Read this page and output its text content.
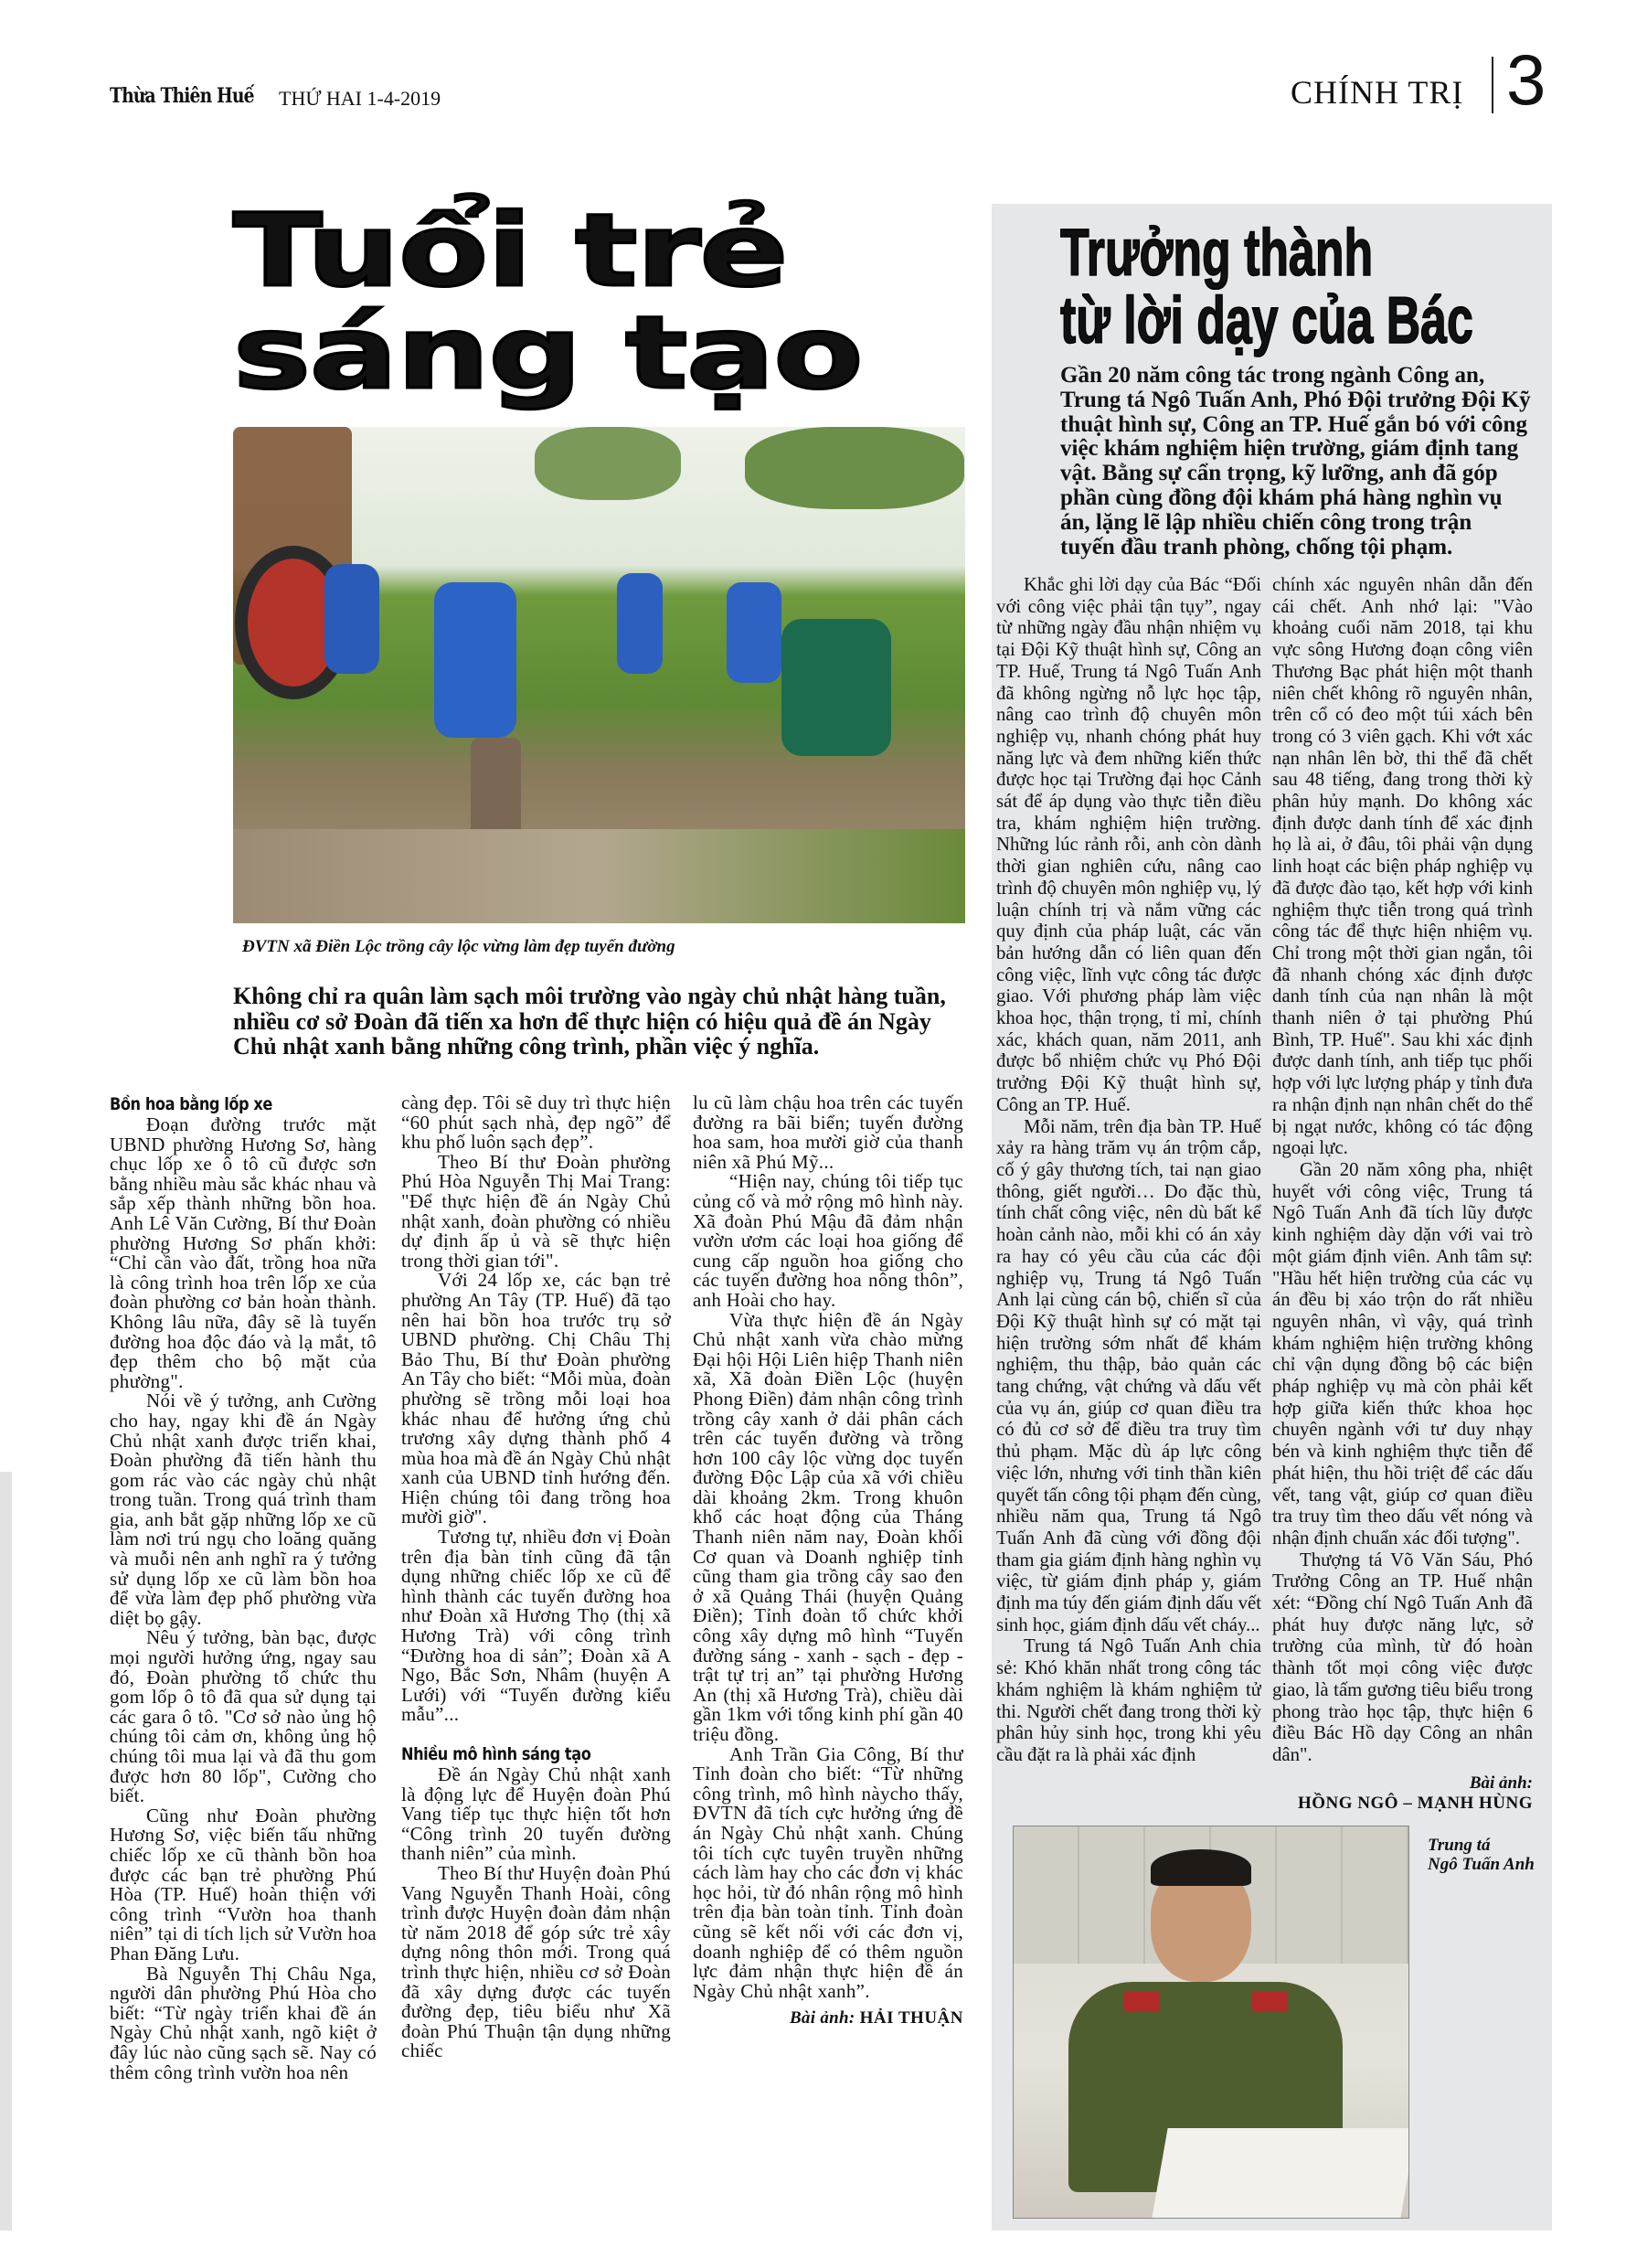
Thừa Thiên Huế THỨ HAI 1-4-2019	CHÍNH TRỊ 3
Tuổi trẻ
sáng tạo
ĐVTN xã Điền Lộc trồng cây lộc vừng làm đẹp tuyến đường
Không chỉ ra quân làm sạch môi trường vào ngày chủ nhật hàng tuần, nhiều cơ sở Đoàn đã tiến xa hơn để thực hiện có hiệu quả đề án Ngày Chủ nhật xanh bằng những công trình, phần việc ý nghĩa.
Bồn hoa bằng lốp xe

Đoạn đường trước mặt UBND phường Hương Sơ, hàng chục lốp xe ô tô cũ được sơn bằng nhiều màu sắc khác nhau và sắp xếp thành những bồn hoa. Anh Lê Văn Cường, Bí thư Đoàn phường Hương Sơ phấn khởi: “Chỉ cần vào đất, trồng hoa nữa là công trình hoa trên lốp xe của đoàn phường cơ bản hoàn thành. Không lâu nữa, đây sẽ là tuyến đường hoa độc đáo và lạ mắt, tô đẹp thêm cho bộ mặt của phường".

Nói về ý tưởng, anh Cường cho hay, ngay khi đề án Ngày Chủ nhật xanh được triển khai, Đoàn phường đã tiến hành thu gom rác vào các ngày chủ nhật trong tuần. Trong quá trình tham gia, anh bắt gặp những lốp xe cũ làm nơi trú ngụ cho loăng quăng và muỗi nên anh nghĩ ra ý tưởng sử dụng lốp xe cũ làm bồn hoa để vừa làm đẹp phố phường vừa diệt bọ gậy.

Nêu ý tưởng, bàn bạc, được mọi người hưởng ứng, ngay sau đó, Đoàn phường tổ chức thu gom lốp ô tô đã qua sử dụng tại các gara ô tô. "Cơ sở nào ủng hộ chúng tôi cảm ơn, không ủng hộ chúng tôi mua lại và đã thu gom được hơn 80 lốp", Cường cho biết.

Cũng như Đoàn phường Hương Sơ, việc biến tấu những chiếc lốp xe cũ thành bồn hoa được các bạn trẻ phường Phú Hòa (TP. Huế) hoàn thiện với công trình “Vườn hoa thanh niên” tại di tích lịch sử Vườn hoa Phan Đăng Lưu.

Bà Nguyễn Thị Châu Nga, người dân phường Phú Hòa cho biết: “Từ ngày triển khai đề án Ngày Chủ nhật xanh, ngõ kiệt ở đây lúc nào cũng sạch sẽ. Nay có thêm công trình vườn hoa nên

càng đẹp. Tôi sẽ duy trì thực hiện “60 phút sạch nhà, đẹp ngõ” để khu phố luôn sạch đẹp”.

Theo Bí thư Đoàn phường Phú Hòa Nguyễn Thị Mai Trang: "Để thực hiện đề án Ngày Chủ nhật xanh, đoàn phường có nhiều dự định ấp ủ và sẽ thực hiện trong thời gian tới".

Với 24 lốp xe, các bạn trẻ phường An Tây (TP. Huế) đã tạo nên hai bồn hoa trước trụ sở UBND phường. Chị Châu Thị Bảo Thu, Bí thư Đoàn phường An Tây cho biết: “Mỗi mùa, đoàn phường sẽ trồng mỗi loại hoa khác nhau để hưởng ứng chủ trương xây dựng thành phố 4 mùa hoa mà đề án Ngày Chủ nhật xanh của UBND tỉnh hướng đến. Hiện chúng tôi đang trồng hoa mười giờ".

Tương tự, nhiều đơn vị Đoàn trên địa bàn tỉnh cũng đã tận dụng những chiếc lốp xe cũ để hình thành các tuyến đường hoa như Đoàn xã Hương Thọ (thị xã Hương Trà) với công trình “Đường hoa di sản”; Đoàn xã A Ngo, Bắc Sơn, Nhâm (huyện A Lưới) với “Tuyến đường kiểu mẫu”...

Nhiều mô hình sáng tạo

Đề án Ngày Chủ nhật xanh là động lực để Huyện đoàn Phú Vang tiếp tục thực hiện tốt hơn “Công trình 20 tuyến đường thanh niên” của mình.

Theo Bí thư Huyện đoàn Phú Vang Nguyễn Thanh Hoài, công trình được Huyện đoàn đảm nhận từ năm 2018 để góp sức trẻ xây dựng nông thôn mới. Trong quá trình thực hiện, nhiều cơ sở Đoàn đã xây dựng được các tuyến đường đẹp, tiêu biểu như Xã đoàn Phú Thuận tận dụng những chiếc

lu cũ làm chậu hoa trên các tuyến đường ra bãi biển; tuyến đường hoa sam, hoa mười giờ của thanh niên xã Phú Mỹ...

“Hiện nay, chúng tôi tiếp tục củng cố và mở rộng mô hình này. Xã đoàn Phú Mậu đã đảm nhận vườn ươm các loại hoa giống để cung cấp nguồn hoa giống cho các tuyến đường hoa nông thôn”, anh Hoài cho hay.

Vừa thực hiện đề án Ngày Chủ nhật xanh vừa chào mừng Đại hội Hội Liên hiệp Thanh niên xã, Xã đoàn Điền Lộc (huyện Phong Điền) đảm nhận công trình trồng cây xanh ở dải phân cách trên các tuyến đường và trồng hơn 100 cây lộc vừng dọc tuyến đường Độc Lập của xã với chiều dài khoảng 2km. Trong khuôn khổ các hoạt động của Tháng Thanh niên năm nay, Đoàn khối Cơ quan và Doanh nghiệp tỉnh cũng tham gia trồng cây sao đen ở xã Quảng Thái (huyện Quảng Điền); Tỉnh đoàn tổ chức khởi công xây dựng mô hình “Tuyến đường sáng - xanh - sạch - đẹp - trật tự trị an” tại phường Hương An (thị xã Hương Trà), chiều dài gần 1km với tổng kinh phí gần 40 triệu đồng.

Anh Trần Gia Công, Bí thư Tỉnh đoàn cho biết: “Từ những công trình, mô hình nàycho thấy, ĐVTN đã tích cực hưởng ứng đề án Ngày Chủ nhật xanh. Chúng tôi tích cực tuyên truyền những cách làm hay cho các đơn vị khác học hỏi, từ đó nhân rộng mô hình trên địa bàn toàn tỉnh. Tỉnh đoàn cũng sẽ kết nối với các đơn vị, doanh nghiệp để có thêm nguồn lực đảm nhận thực hiện đề án Ngày Chủ nhật xanh”.

Bài ảnh: HẢI THUẬN
Trưởng thành
từ lời dạy của Bác
Gần 20 năm công tác trong ngành Công an, Trung tá Ngô Tuấn Anh, Phó Đội trưởng Đội Kỹ thuật hình sự, Công an TP. Huế gắn bó với công việc khám nghiệm hiện trường, giám định tang vật. Bằng sự cẩn trọng, kỹ lưỡng, anh đã góp phần cùng đồng đội khám phá hàng nghìn vụ án, lặng lẽ lập nhiều chiến công trong trận tuyến đầu tranh phòng, chống tội phạm.

Khắc ghi lời dạy của Bác “Đối với công việc phải tận tụy”, ngay từ những ngày đầu nhận nhiệm vụ tại Đội Kỹ thuật hình sự, Công an TP. Huế, Trung tá Ngô Tuấn Anh đã không ngừng nỗ lực học tập, nâng cao trình độ chuyên môn nghiệp vụ, nhanh chóng phát huy năng lực và đem những kiến thức được học tại Trường đại học Cảnh sát để áp dụng vào thực tiễn điều tra, khám nghiệm hiện trường. Những lúc rảnh rỗi, anh còn dành thời gian nghiên cứu, nâng cao trình độ chuyên môn nghiệp vụ, lý luận chính trị và nắm vững các quy định của pháp luật, các văn bản hướng dẫn có liên quan đến công việc, lĩnh vực công tác được giao. Với phương pháp làm việc khoa học, thận trọng, tỉ mỉ, chính xác, khách quan, năm 2011, anh được bổ nhiệm chức vụ Phó Đội trưởng Đội Kỹ thuật hình sự, Công an TP. Huế.

Mỗi năm, trên địa bàn TP. Huế xảy ra hàng trăm vụ án trộm cắp, cố ý gây thương tích, tai nạn giao thông, giết người… Do đặc thù, tính chất công việc, nên dù bất kể hoàn cảnh nào, mỗi khi có án xảy ra hay có yêu cầu của các đội nghiệp vụ, Trung tá Ngô Tuấn Anh lại cùng cán bộ, chiến sĩ của Đội Kỹ thuật hình sự có mặt tại hiện trường sớm nhất để khám nghiệm, thu thập, bảo quản các tang chứng, vật chứng và dấu vết của vụ án, giúp cơ quan điều tra có đủ cơ sở để điều tra truy tìm thủ phạm. Mặc dù áp lực công việc lớn, nhưng với tinh thần kiên quyết tấn công tội phạm đến cùng, nhiều năm qua, Trung tá Ngô Tuấn Anh đã cùng với đồng đội tham gia giám định hàng nghìn vụ việc, từ giám định pháp y, giám định ma túy đến giám định dấu vết sinh học, giám định dấu vết cháy...

Trung tá Ngô Tuấn Anh chia sẻ: Khó khăn nhất trong công tác khám nghiệm là khám nghiệm tử thi. Người chết đang trong thời kỳ phân hủy sinh học, trong khi yêu cầu đặt ra là phải xác định

chính xác nguyên nhân dẫn đến cái chết. Anh nhớ lại: "Vào khoảng cuối năm 2018, tại khu vực sông Hương đoạn công viên Thương Bạc phát hiện một thanh niên chết không rõ nguyên nhân, trên cổ có đeo một túi xách bên trong có 3 viên gạch. Khi vớt xác nạn nhân lên bờ, thi thể đã chết sau 48 tiếng, đang trong thời kỳ phân hủy mạnh. Do không xác định được danh tính để xác định họ là ai, ở đâu, tôi phải vận dụng linh hoạt các biện pháp nghiệp vụ đã được đào tạo, kết hợp với kinh nghiệm thực tiễn trong quá trình công tác để thực hiện nhiệm vụ. Chỉ trong một thời gian ngắn, tôi đã nhanh chóng xác định được danh tính của nạn nhân là một thanh niên ở tại phường Phú Bình, TP. Huế". Sau khi xác định được danh tính, anh tiếp tục phối hợp với lực lượng pháp y tỉnh đưa ra nhận định nạn nhân chết do thể bị ngạt nước, không có tác động ngoại lực.

Gần 20 năm xông pha, nhiệt huyết với công việc, Trung tá Ngô Tuấn Anh đã tích lũy được kinh nghiệm dày dặn với vai trò một giám định viên. Anh tâm sự: "Hầu hết hiện trường của các vụ án đều bị xáo trộn do rất nhiều nguyên nhân, vì vậy, quá trình khám nghiệm hiện trường không chỉ vận dụng đồng bộ các biện pháp nghiệp vụ mà còn phải kết hợp giữa kiến thức khoa học chuyên ngành với tư duy nhạy bén và kinh nghiệm thực tiễn để phát hiện, thu hồi triệt để các dấu vết, tang vật, giúp cơ quan điều tra truy tìm theo dấu vết nóng và nhận định chuẩn xác đối tượng".

Thượng tá Võ Văn Sáu, Phó Trưởng Công an TP. Huế nhận xét: “Đồng chí Ngô Tuấn Anh đã phát huy được năng lực, sở trường của mình, từ đó hoàn thành tốt mọi công việc được giao, là tấm gương tiêu biểu trong phong trào học tập, thực hiện 6 điều Bác Hồ dạy Công an nhân dân".

Bài ảnh:
HỒNG NGÔ – MẠNH HÙNG
Trung tá
Ngô Tuấn Anh
